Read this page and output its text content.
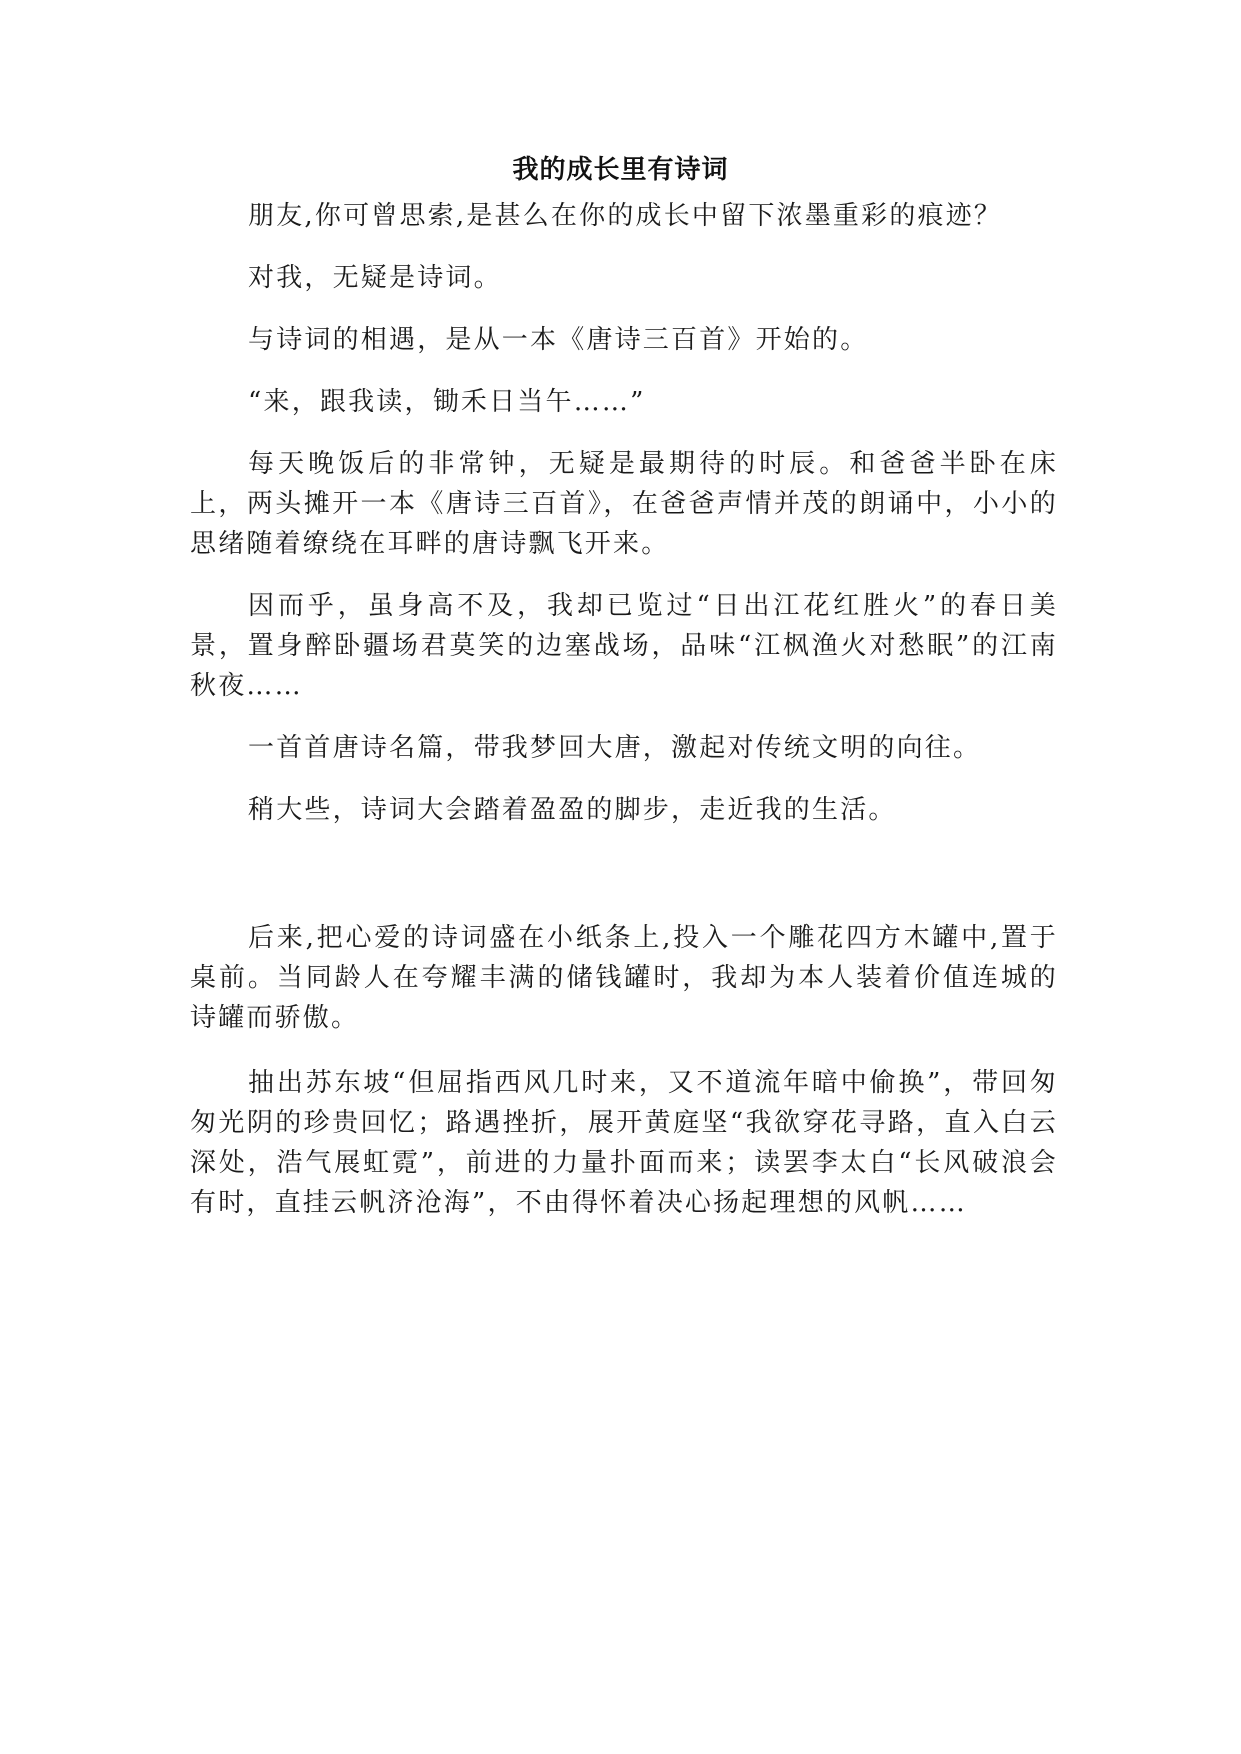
我的成长里有诗词

朋友,你可曾思索,是甚么在你的成长中留下浓墨重彩的痕迹？

对我，无疑是诗词。

与诗词的相遇，是从一本《唐诗三百首》开始的。

“来，跟我读，锄禾日当午……”

每天晚饭后的非常钟，无疑是最期待的时辰。和爸爸半卧在床上，两头摊开一本《唐诗三百首》，在爸爸声情并茂的朗诵中，小小的思绪随着缭绕在耳畔的唐诗飘飞开来。

因而乎，虽身高不及，我却已览过“日出江花红胜火”的春日美景，置身醉卧疆场君莫笑的边塞战场，品味“江枫渔火对愁眠”的江南秋夜……

一首首唐诗名篇，带我梦回大唐，激起对传统文明的向往。

稍大些，诗词大会踏着盈盈的脚步，走近我的生活。

后来,把心爱的诗词盛在小纸条上,投入一个雕花四方木罐中,置于桌前。当同龄人在夸耀丰满的储钱罐时，我却为本人装着价值连城的诗罐而骄傲。

抽出苏东坡“但屈指西风几时来，又不道流年暗中偷换”，带回匆匆光阴的珍贵回忆；路遇挫折，展开黄庭坚“我欲穿花寻路，直入白云深处，浩气展虹霓”，前进的力量扑面而来；读罢李太白“长风破浪会有时，直挂云帆济沧海”，不由得怀着决心扬起理想的风帆……
